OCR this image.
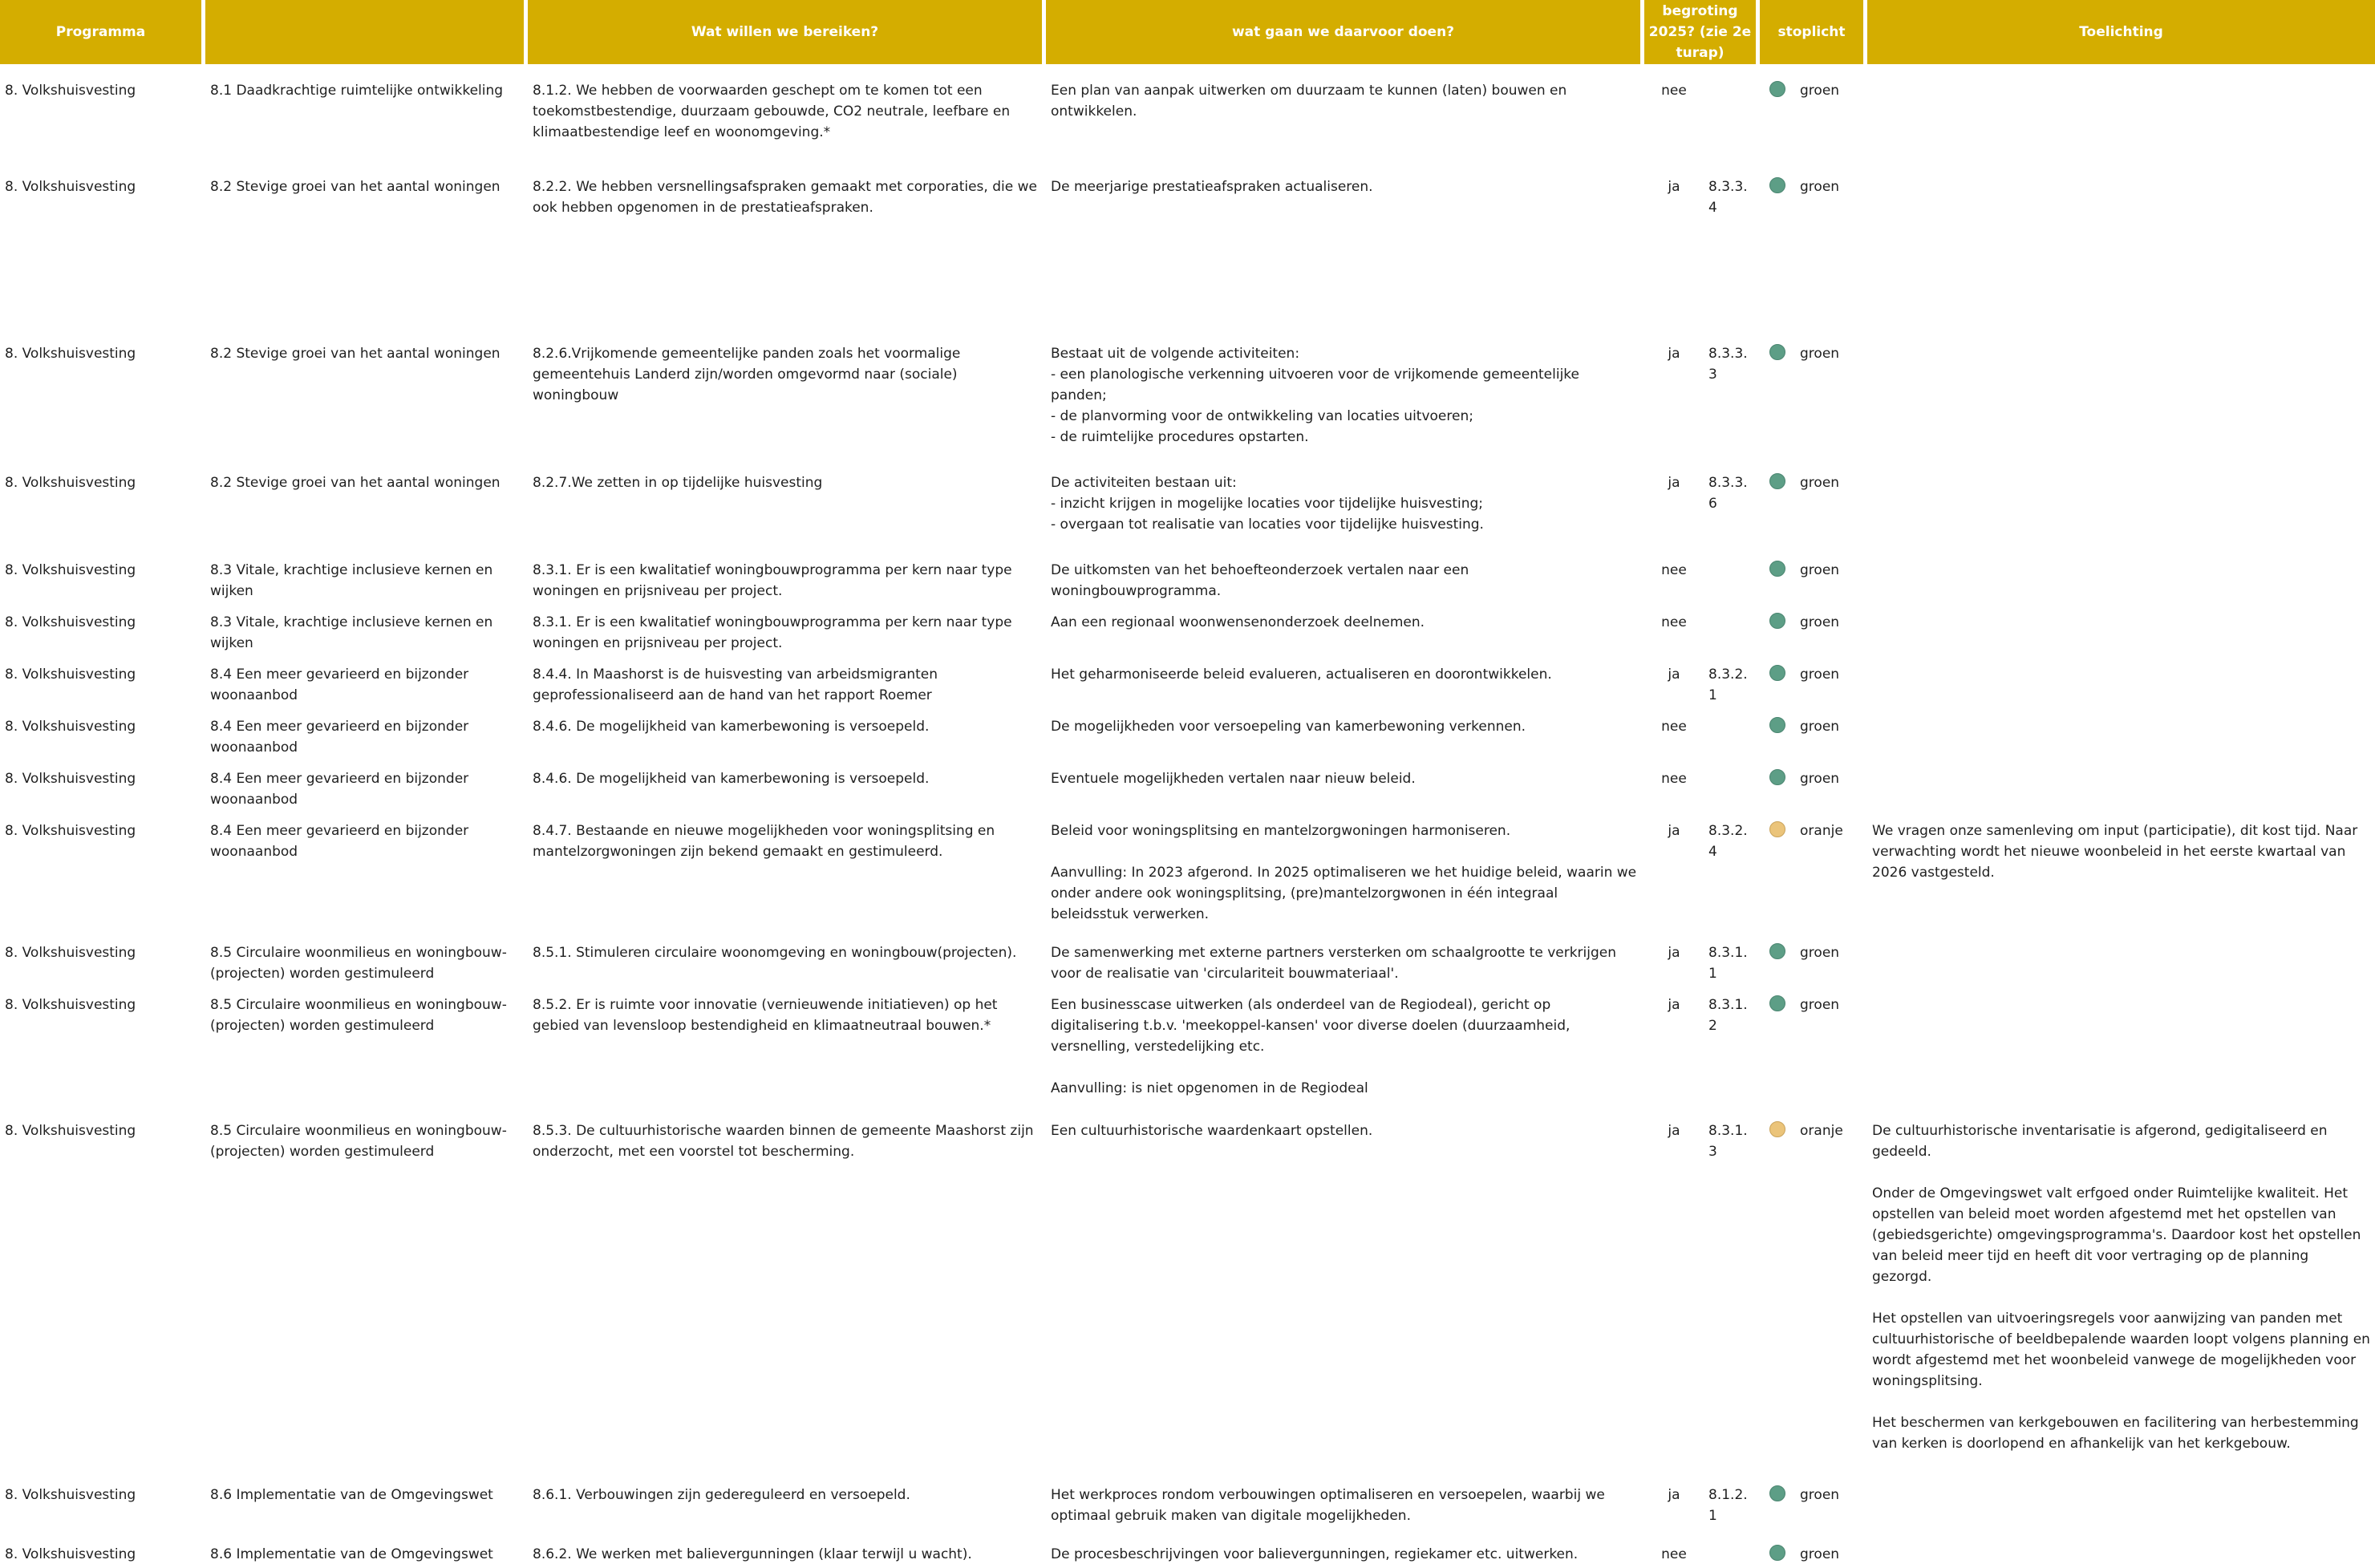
Programma		Wat willen we bereiken?	wat gaan we daarvoor doen?	begroting 2025? (zie 2e turap)		stoplicht	Toelichting
8. Volkshuisvesting	8.1 Daadkrachtige ruimtelijke ontwikkeling	8.1.2. We hebben de voorwaarden geschept om te komen tot een toekomstbestendige, duurzaam gebouwde, CO2 neutrale, leefbare en klimaatbestendige leef en woonomgeving.*	Een plan van aanpak uitwerken om duurzaam te kunnen (laten) bouwen en ontwikkelen.	nee		groen	
8. Volkshuisvesting	8.2 Stevige groei van het aantal woningen	8.2.2. We hebben versnellingsafspraken gemaakt met corporaties, die we ook hebben opgenomen in de prestatieafspraken.	De meerjarige prestatieafspraken actualiseren.	ja	8.3.3.4	groen	
8. Volkshuisvesting	8.2 Stevige groei van het aantal woningen	8.2.6.Vrijkomende gemeentelijke panden zoals het voormalige gemeentehuis Landerd zijn/worden omgevormd naar (sociale) woningbouw	Bestaat uit de volgende activiteiten:
- een planologische verkenning uitvoeren voor de vrijkomende gemeentelijke panden;
- de planvorming voor de ontwikkeling van locaties uitvoeren;
- de ruimtelijke procedures opstarten.	ja	8.3.3.3	groen	
8. Volkshuisvesting	8.2 Stevige groei van het aantal woningen	8.2.7.We zetten in op tijdelijke huisvesting	De activiteiten bestaan uit:
- inzicht krijgen in mogelijke locaties voor tijdelijke huisvesting;
- overgaan tot realisatie van locaties voor tijdelijke huisvesting.	ja	8.3.3.6	groen	
8. Volkshuisvesting	8.3 Vitale, krachtige inclusieve kernen en wijken	8.3.1. Er is een kwalitatief woningbouwprogramma per kern naar type woningen en prijsniveau per project.	De uitkomsten van het behoefteonderzoek vertalen naar een woningbouwprogramma.	nee		groen	
8. Volkshuisvesting	8.3 Vitale, krachtige inclusieve kernen en wijken	8.3.1. Er is een kwalitatief woningbouwprogramma per kern naar type woningen en prijsniveau per project.	Aan een regionaal woonwensenonderzoek deelnemen.	nee		groen	
8. Volkshuisvesting	8.4 Een meer gevarieerd en bijzonder woonaanbod	8.4.4. In Maashorst is de huisvesting van arbeidsmigranten geprofessionaliseerd aan de hand van het rapport Roemer	Het geharmoniseerde beleid evalueren, actualiseren en doorontwikkelen.	ja	8.3.2.1	groen	
8. Volkshuisvesting	8.4 Een meer gevarieerd en bijzonder woonaanbod	8.4.6. De mogelijkheid van kamerbewoning is versoepeld.	De mogelijkheden voor versoepeling van kamerbewoning verkennen.	nee		groen	
8. Volkshuisvesting	8.4 Een meer gevarieerd en bijzonder woonaanbod	8.4.6. De mogelijkheid van kamerbewoning is versoepeld.	Eventuele mogelijkheden vertalen naar nieuw beleid.	nee		groen	
8. Volkshuisvesting	8.4 Een meer gevarieerd en bijzonder woonaanbod	8.4.7. Bestaande en nieuwe mogelijkheden voor woningsplitsing en mantelzorgwoningen zijn bekend gemaakt en gestimuleerd.	Beleid voor woningsplitsing en mantelzorgwoningen harmoniseren.

Aanvulling: In 2023 afgerond. In 2025 optimaliseren we het huidige beleid, waarin we onder andere ook woningsplitsing, (pre)mantelzorgwonen in één integraal beleidsstuk verwerken.	ja	8.3.2.4	oranje	We vragen onze samenleving om input (participatie), dit kost tijd. Naar verwachting wordt het nieuwe woonbeleid in het eerste kwartaal van 2026 vastgesteld.
8. Volkshuisvesting	8.5 Circulaire woonmilieus en woningbouw-(projecten) worden gestimuleerd	8.5.1. Stimuleren circulaire woonomgeving en woningbouw(projecten).	De samenwerking met externe partners versterken om schaalgrootte te verkrijgen voor de realisatie van 'circulariteit bouwmateriaal'.	ja	8.3.1.1	groen	
8. Volkshuisvesting	8.5 Circulaire woonmilieus en woningbouw-(projecten) worden gestimuleerd	8.5.2. Er is ruimte voor innovatie (vernieuwende initiatieven) op het gebied van levensloop bestendigheid en klimaatneutraal bouwen.*	Een businesscase uitwerken (als onderdeel van de Regiodeal), gericht op digitalisering t.b.v. 'meekoppel-kansen' voor diverse doelen (duurzaamheid, versnelling, verstedelijking etc.

Aanvulling: is niet opgenomen in de Regiodeal	ja	8.3.1.2	groen	
8. Volkshuisvesting	8.5 Circulaire woonmilieus en woningbouw-(projecten) worden gestimuleerd	8.5.3. De cultuurhistorische waarden binnen de gemeente Maashorst zijn onderzocht, met een voorstel tot bescherming.	Een cultuurhistorische waardenkaart opstellen.	ja	8.3.1.3	oranje	De cultuurhistorische inventarisatie is afgerond, gedigitaliseerd en gedeeld.

Onder de Omgevingswet valt erfgoed onder Ruimtelijke kwaliteit. Het opstellen van beleid moet worden afgestemd met het opstellen van (gebiedsgerichte) omgevingsprogramma's. Daardoor kost het opstellen van beleid meer tijd en heeft dit voor vertraging op de planning gezorgd.

Het opstellen van uitvoeringsregels voor aanwijzing van panden met cultuurhistorische of beeldbepalende waarden loopt volgens planning en wordt afgestemd met het woonbeleid vanwege de mogelijkheden voor woningsplitsing.

Het beschermen van kerkgebouwen en facilitering van herbestemming van kerken is doorlopend en afhankelijk van het kerkgebouw.
8. Volkshuisvesting	8.6 Implementatie van de Omgevingswet	8.6.1. Verbouwingen zijn gedereguleerd en versoepeld.	Het werkproces rondom verbouwingen optimaliseren en versoepelen, waarbij we optimaal gebruik maken van digitale mogelijkheden.	ja	8.1.2.1	groen	
8. Volkshuisvesting	8.6 Implementatie van de Omgevingswet	8.6.2. We werken met balievergunningen (klaar terwijl u wacht).	De procesbeschrijvingen voor balievergunningen, regiekamer etc. uitwerken.	nee		groen	
